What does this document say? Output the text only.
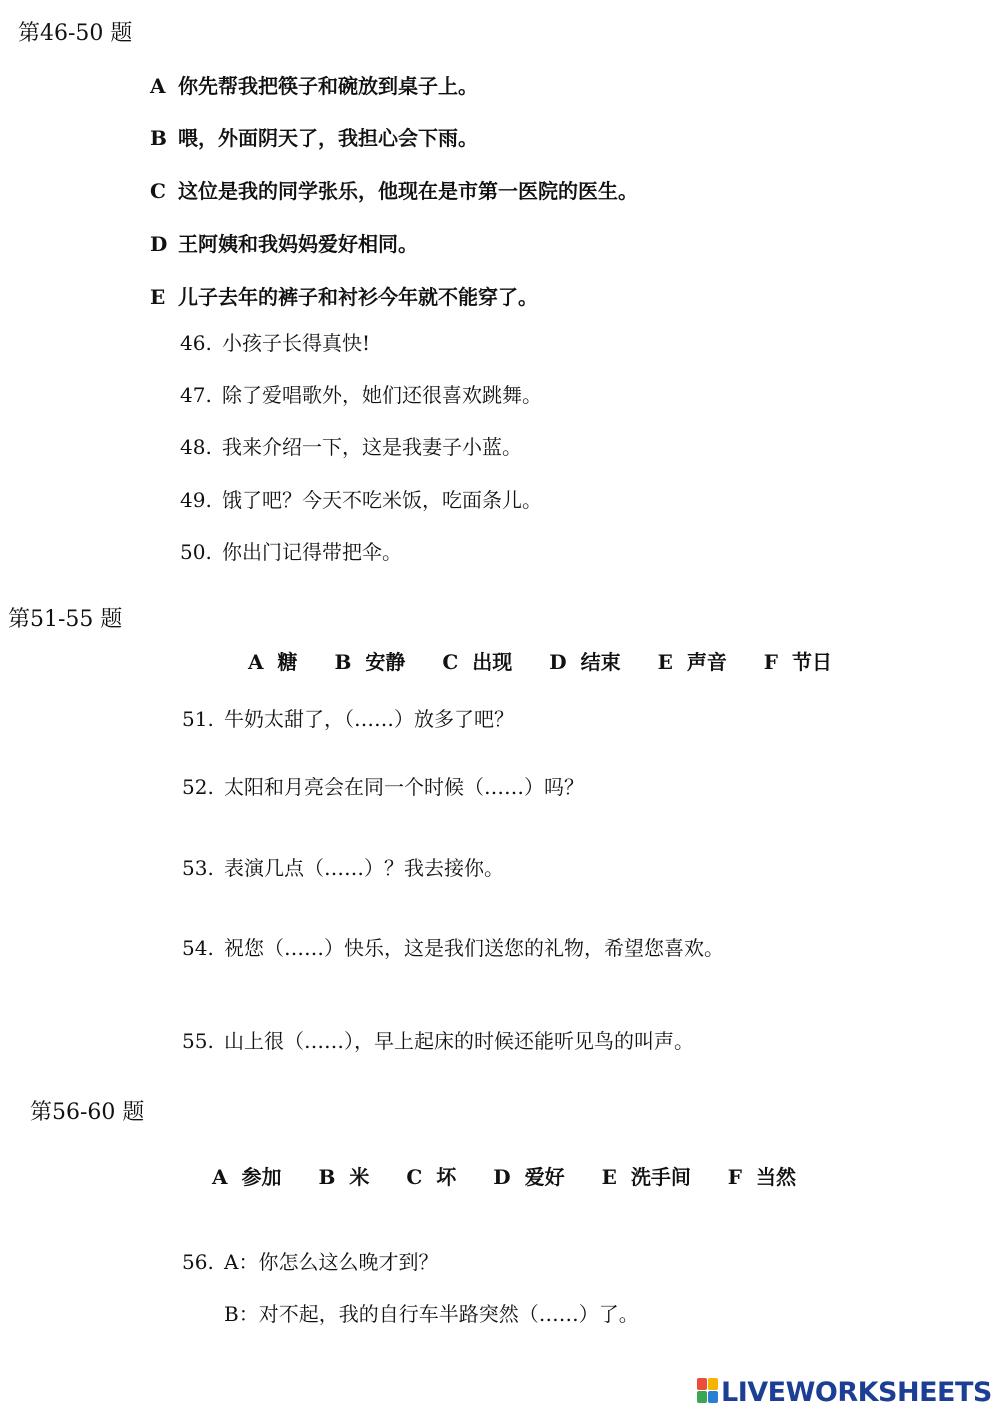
第46-50 题
A 你先帮我把筷子和碗放到桌子上。
B 喂，外面阴天了，我担心会下雨。
C 这位是我的同学张乐，他现在是市第一医院的医生。
D 王阿姨和我妈妈爱好相同。
E 儿子去年的裤子和衬衫今年就不能穿了。
46. 小孩子长得真快!
47. 除了爱唱歌外，她们还很喜欢跳舞。
48. 我来介绍一下，这是我妻子小蓝。
49. 饿了吧？今天不吃米饭，吃面条儿。
50. 你出门记得带把伞。
第51-55 题
A 糖 B 安静 C 出现 D 结束 E 声音 F 节日
51. 牛奶太甜了，（……）放多了吧？
52. 太阳和月亮会在同一个时候（……）吗？
53. 表演几点（……）？我去接你。
54. 祝您（……）快乐，这是我们送您的礼物，希望您喜欢。
55. 山上很（……），早上起床的时候还能听见鸟的叫声。
第56-60 题
A 参加 B 米 C 坏 D 爱好 E 洗手间 F 当然
56. A：你怎么这么晚才到？
B：对不起，我的自行车半路突然（……）了。
LIVEWORKSHEETS
